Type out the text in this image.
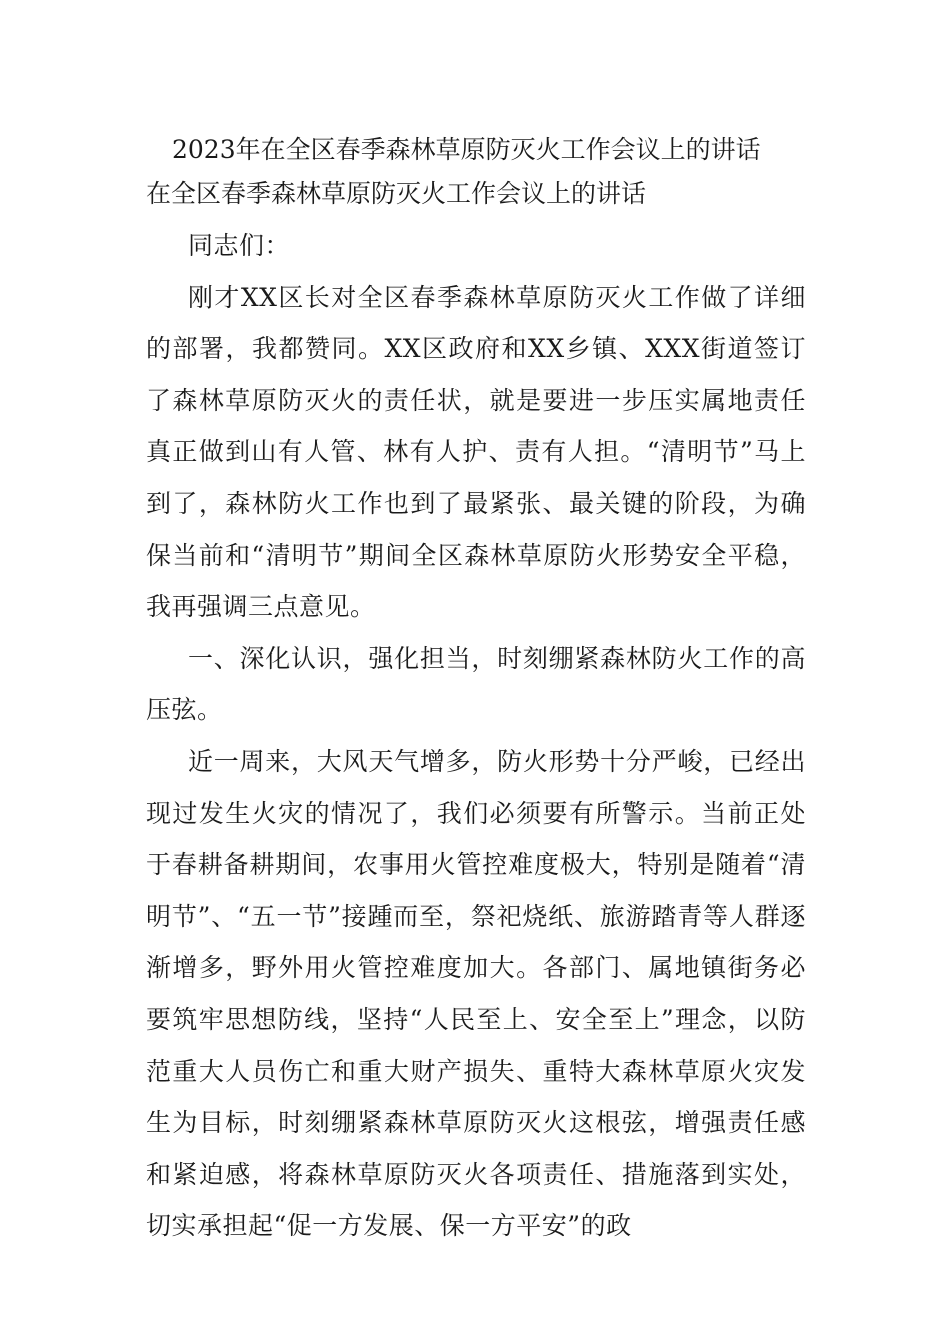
2023年在全区春季森林草原防灭火工作会议上的讲话
在全区春季森林草原防灭火工作会议上的讲话

同志们：

刚才XX区长对全区春季森林草原防灭火工作做了详细的部署，我都赞同。XX区政府和XX乡镇、XXX街道签订了森林草原防灭火的责任状，就是要进一步压实属地责任真正做到山有人管、林有人护、责有人担。“清明节”马上到了，森林防火工作也到了最紧张、最关键的阶段，为确保当前和“清明节”期间全区森林草原防火形势安全平稳，我再强调三点意见。

一、深化认识，强化担当，时刻绷紧森林防火工作的高压弦。

近一周来，大风天气增多，防火形势十分严峻，已经出现过发生火灾的情况了，我们必须要有所警示。当前正处于春耕备耕期间，农事用火管控难度极大，特别是随着“清明节”、“五一节”接踵而至，祭祀烧纸、旅游踏青等人群逐渐增多，野外用火管控难度加大。各部门、属地镇街务必要筑牢思想防线，坚持“人民至上、安全至上”理念，以防范重大人员伤亡和重大财产损失、重特大森林草原火灾发生为目标，时刻绷紧森林草原防灭火这根弦，增强责任感和紧迫感，将森林草原防灭火各项责任、措施落到实处，切实承担起“促一方发展、保一方平安”的政
